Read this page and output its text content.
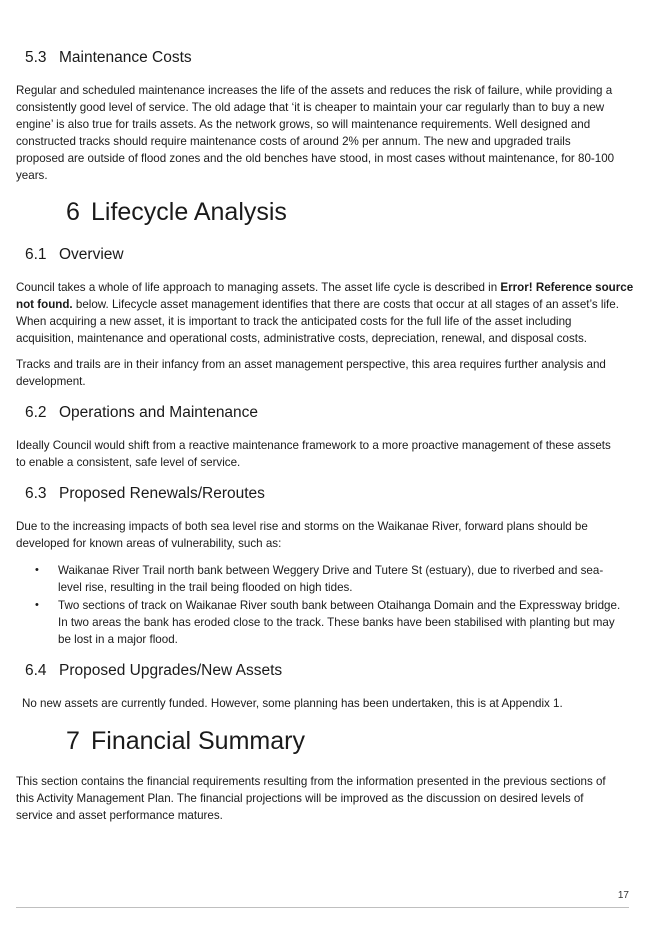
5.3 Maintenance Costs

Regular and scheduled maintenance increases the life of the assets and reduces the risk of failure, while providing a
consistently good level of service. The old adage that ‘it is cheaper to maintain your car regularly than to buy a new
engine’ is also true for trails assets. As the network grows, so will maintenance requirements. Well designed and
constructed tracks should require maintenance costs of around 2% per annum. The new and upgraded trails
proposed are outside of flood zones and the old benches have stood, in most cases without maintenance, for 80-100
years.

6 Lifecycle Analysis
6.1 Overview

Council takes a whole of life approach to managing assets. The asset life cycle is described in Error! Reference source
not found. below. Lifecycle asset management identifies that there are costs that occur at all stages of an asset’s life.
When acquiring a new asset, it is important to track the anticipated costs for the full life of the asset including
acquisition, maintenance and operational costs, administrative costs, depreciation, renewal, and disposal costs.

Tracks and trails are in their infancy from an asset management perspective, this area requires further analysis and
development.

6.2 Operations and Maintenance

Ideally Council would shift from a reactive maintenance framework to a more proactive management of these assets
to enable a consistent, safe level of service.

6.3 Proposed Renewals/Reroutes

Due to the increasing impacts of both sea level rise and storms on the Waikanae River, forward plans should be
developed for known areas of vulnerability, such as:

• Waikanae River Trail north bank between Weggery Drive and Tutere St (estuary), due to riverbed and sea-
level rise, resulting in the trail being flooded on high tides.
• Two sections of track on Waikanae River south bank between Otaihanga Domain and the Expressway bridge.
In two areas the bank has eroded close to the track. These banks have been stabilised with planting but may
be lost in a major flood.
6.4 Proposed Upgrades/New Assets

No new assets are currently funded. However, some planning has been undertaken, this is at Appendix 1.

7 Financial Summary

This section contains the financial requirements resulting from the information presented in the previous sections of
this Activity Management Plan. The financial projections will be improved as the discussion on desired levels of
service and asset performance matures.

17
